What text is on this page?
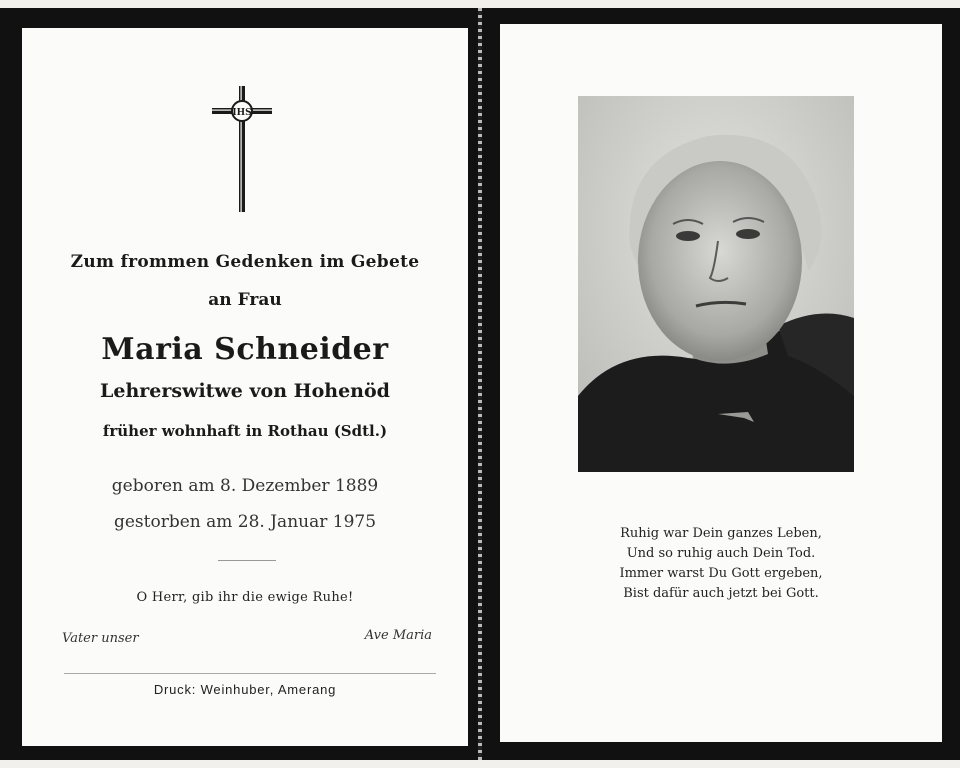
IHS
Zum frommen Gedenken im Gebete
an Frau
Maria Schneider
Lehrerswitwe von Hohenöd
früher wohnhaft in Rothau (Sdtl.)
geboren am 8. Dezember 1889
gestorben am 28. Januar 1975
O Herr, gib ihr die ewige Ruhe!
Vater unser	Ave Maria
Druck: Weinhuber, Amerang
Ruhig war Dein ganzes Leben,
Und so ruhig auch Dein Tod.
Immer warst Du Gott ergeben,
Bist dafür auch jetzt bei Gott.
